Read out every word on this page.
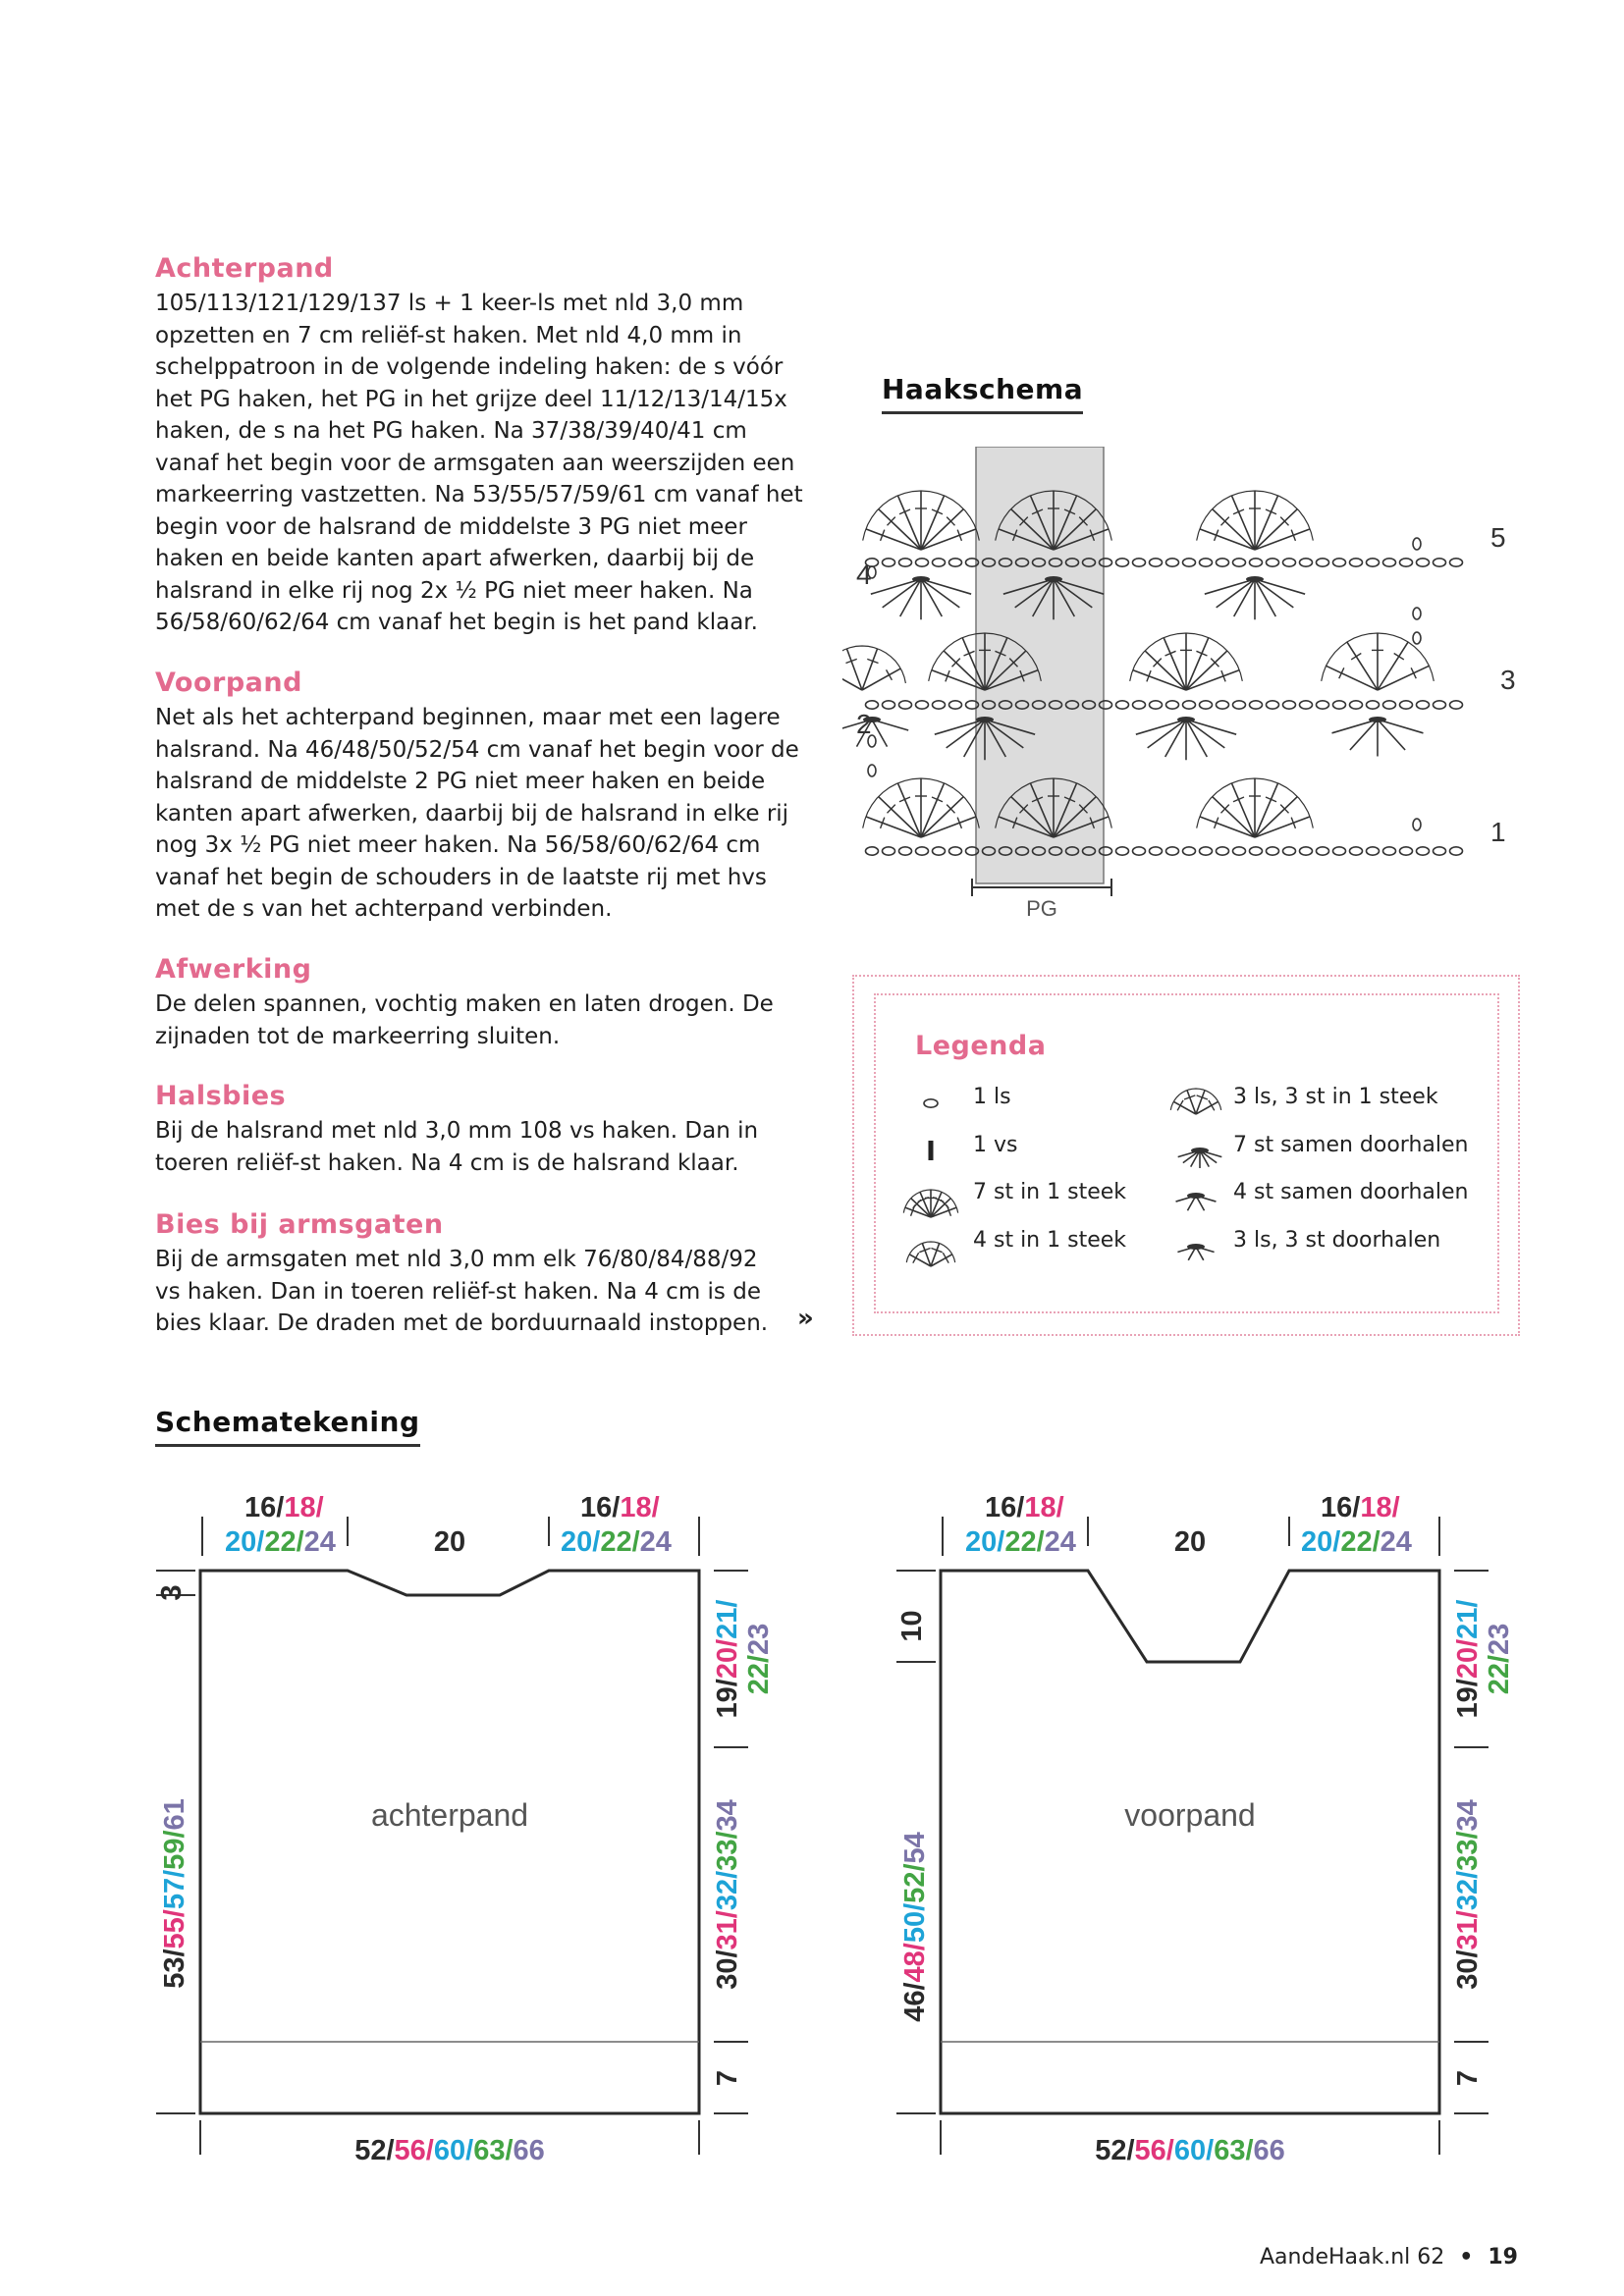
Achterpand

105/113/121/129/137 ls + 1 keer-ls met nld 3,0 mm opzetten en 7 cm reliëf-st haken. Met nld 4,0 mm in schelppatroon in de volgende indeling haken: de s vóór het PG haken, het PG in het grijze deel 11/12/13/14/15x haken, de s na het PG haken. Na 37/38/39/40/41 cm vanaf het begin voor de armsgaten aan weerszijden een markeerring vastzetten. Na 53/55/57/59/61 cm vanaf het begin voor de halsrand de middelste 3 PG niet meer haken en beide kanten apart afwerken, daarbij bij de halsrand in elke rij nog 2x ½ PG niet meer haken. Na 56/58/60/62/64 cm vanaf het begin is het pand klaar.

Voorpand

Net als het achterpand beginnen, maar met een lagere halsrand. Na 46/48/50/52/54 cm vanaf het begin voor de halsrand de middelste 2 PG niet meer haken en beide kanten apart afwerken, daarbij bij de halsrand in elke rij nog 3x ½ PG niet meer haken. Na 56/58/60/62/64 cm vanaf het begin de schouders in de laatste rij met hvs met de s van het achterpand verbinden.

Afwerking

De delen spannen, vochtig maken en laten drogen. De zijnaden tot de markeerring sluiten.

Halsbies

Bij de halsrand met nld 3,0 mm 108 vs haken. Dan in toeren reliëf-st haken. Na 4 cm is de halsrand klaar.

Bies bij armsgaten

Bij de armsgaten met nld 3,0 mm elk 76/80/84/88/92 vs haken. Dan in toeren reliëf-st haken. Na 4 cm is de bies klaar. De draden met de borduurnaald instoppen.	»
Haakschema
PG
1
2
3
4
5
Legenda
1 ls
1 vs
7 st in 1 steek
4 st in 1 steek
3 ls, 3 st in 1 steek
7 st samen doorhalen
4 st samen doorhalen
3 ls, 3 st doorhalen
Schematekening
achterpand
16/18/
20/22/24
16/18/
20/22/24
20
3
53/55/57/59/61
19/20/21/
22/23
30/31/32/33/34
7
52/56/60/63/66
voorpand
16/18/
20/22/24
16/18/
20/22/24
20
10
46/48/50/52/54
19/20/21/
22/23
30/31/32/33/34
7
52/56/60/63/66
AandeHaak.nl 62 • 19
